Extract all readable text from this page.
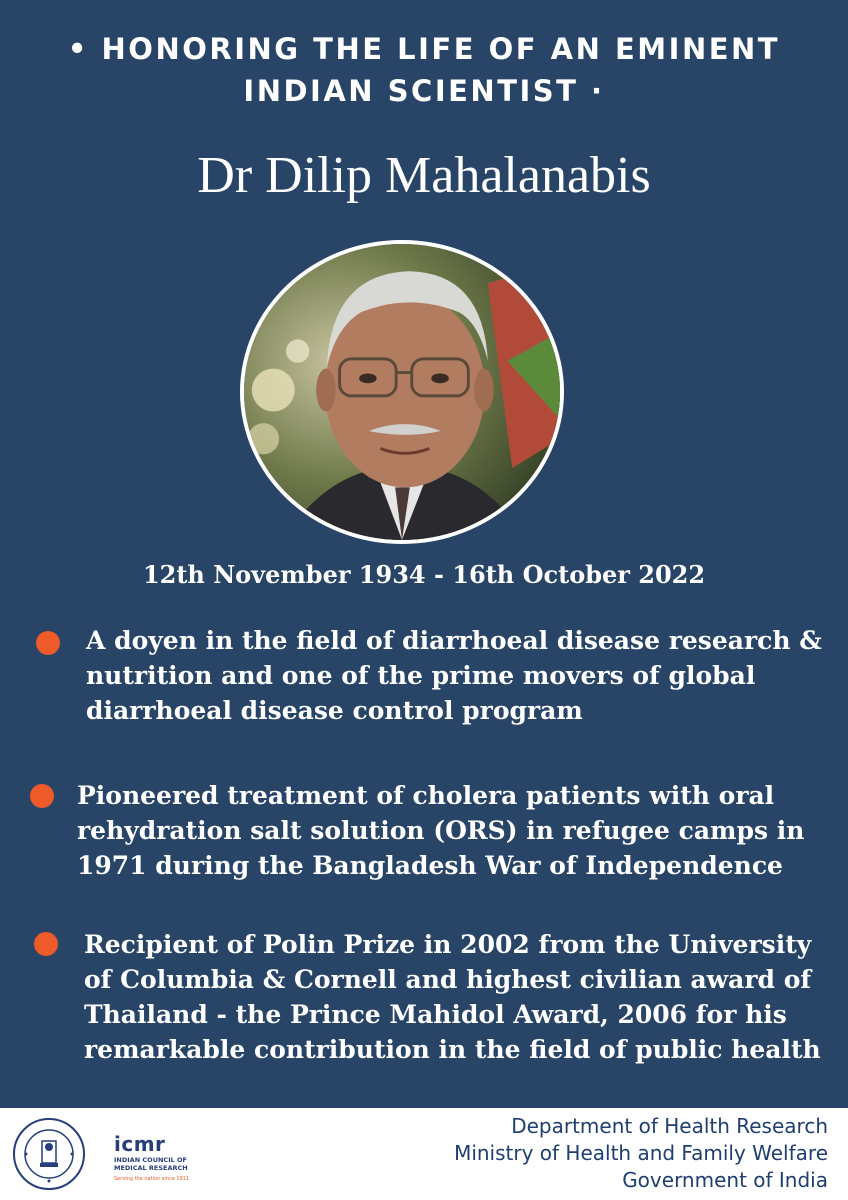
• HONORING THE LIFE OF AN EMINENT
INDIAN SCIENTIST ·
Dr Dilip Mahalanabis
12th November 1934 - 16th October 2022
A doyen in the field of diarrhoeal disease research &
nutrition and one of the prime movers of global
diarrhoeal disease control program
Pioneered treatment of cholera patients with oral
rehydration salt solution (ORS) in refugee camps in
1971 during the Bangladesh War of Independence
Recipient of Polin Prize in 2002 from the University
of Columbia & Cornell and highest civilian award of
Thailand - the Prince Mahidol Award, 2006 for his
remarkable contribution in the field of public health
icmr
INDIAN COUNCIL OF
MEDICAL RESEARCH
Serving the nation since 1911
Department of Health Research
Ministry of Health and Family Welfare
Government of India
